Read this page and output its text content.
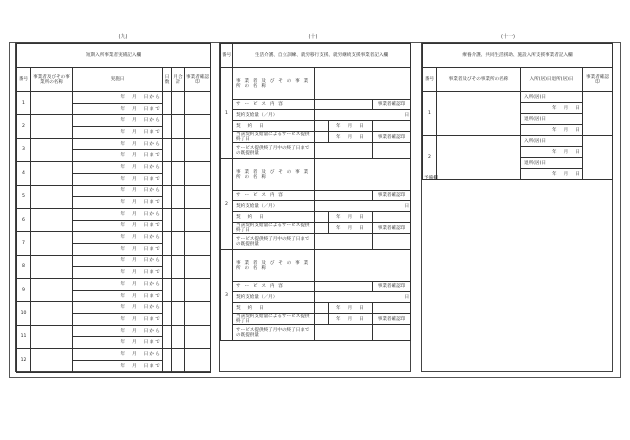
(九)	(十)	(十一)
短期入所事業者実績記入欄					
番号	事業者及びその事業所の名称	実施日	日数	月合計	事業者確認印
1		年　月　日から			
		年　月　日まで			
2		年　月　日から			
		年　月　日まで			
3		年　月　日から			
		年　月　日まで			
4		年　月　日から			
		年　月　日まで			
5		年　月　日から			
		年　月　日まで			
6		年　月　日から			
		年　月　日まで			
7		年　月　日から			
		年　月　日まで			
8		年　月　日から			
		年　月　日まで			
9		年　月　日から			
		年　月　日まで			
10		年　月　日から			
		年　月　日まで			
11		年　月　日から			
		年　月　日まで			
12		年　月　日から			
		年　月　日まで			
番号	生活介護、自立訓練、就労移行支援、就労継続支援事業者記入欄				
1	事 業 者 及 び そ の 事 業 所 の 名 称				
	サ ー ビ ス 内 容			事業者確認印	
	契約支給量（／月）	日			
	契　約　日		年　月　日		
	当該契約支給量によるサービス提供終了日		年　月　日	事業者確認印	
	サービス提供終了月中の終了日までの既提供量				
2	事 業 者 及 び そ の 事 業 所 の 名 称				
	サ ー ビ ス 内 容			事業者確認印	
	契約支給量（／月）	日			
	契　約　日		年　月　日		
	当該契約支給量によるサービス提供終了日		年　月　日	事業者確認印	
	サービス提供終了月中の終了日までの既提供量				
3	事 業 者 及 び そ の 事 業 所 の 名 称				
	サ ー ビ ス 内 容			事業者確認印	
	契約支給量（／月）	日			
	契　約　日		年　月　日		
	当該契約支給量によるサービス提供終了日		年　月　日	事業者確認印	
	サービス提供終了月中の終了日までの既提供量				
療養介護、共同生活援助、施設入所支援事業者記入欄			
番号	事業者及びその事業所の名称	入所(居)日退所(居)日	事業者確認印
1		入所(居)日	
		年　月　日	
		退所(居)日	
		年　月　日	
2		入所(居)日	
		年　月　日	
		退所(居)日	
		年　月　日	
予備欄
